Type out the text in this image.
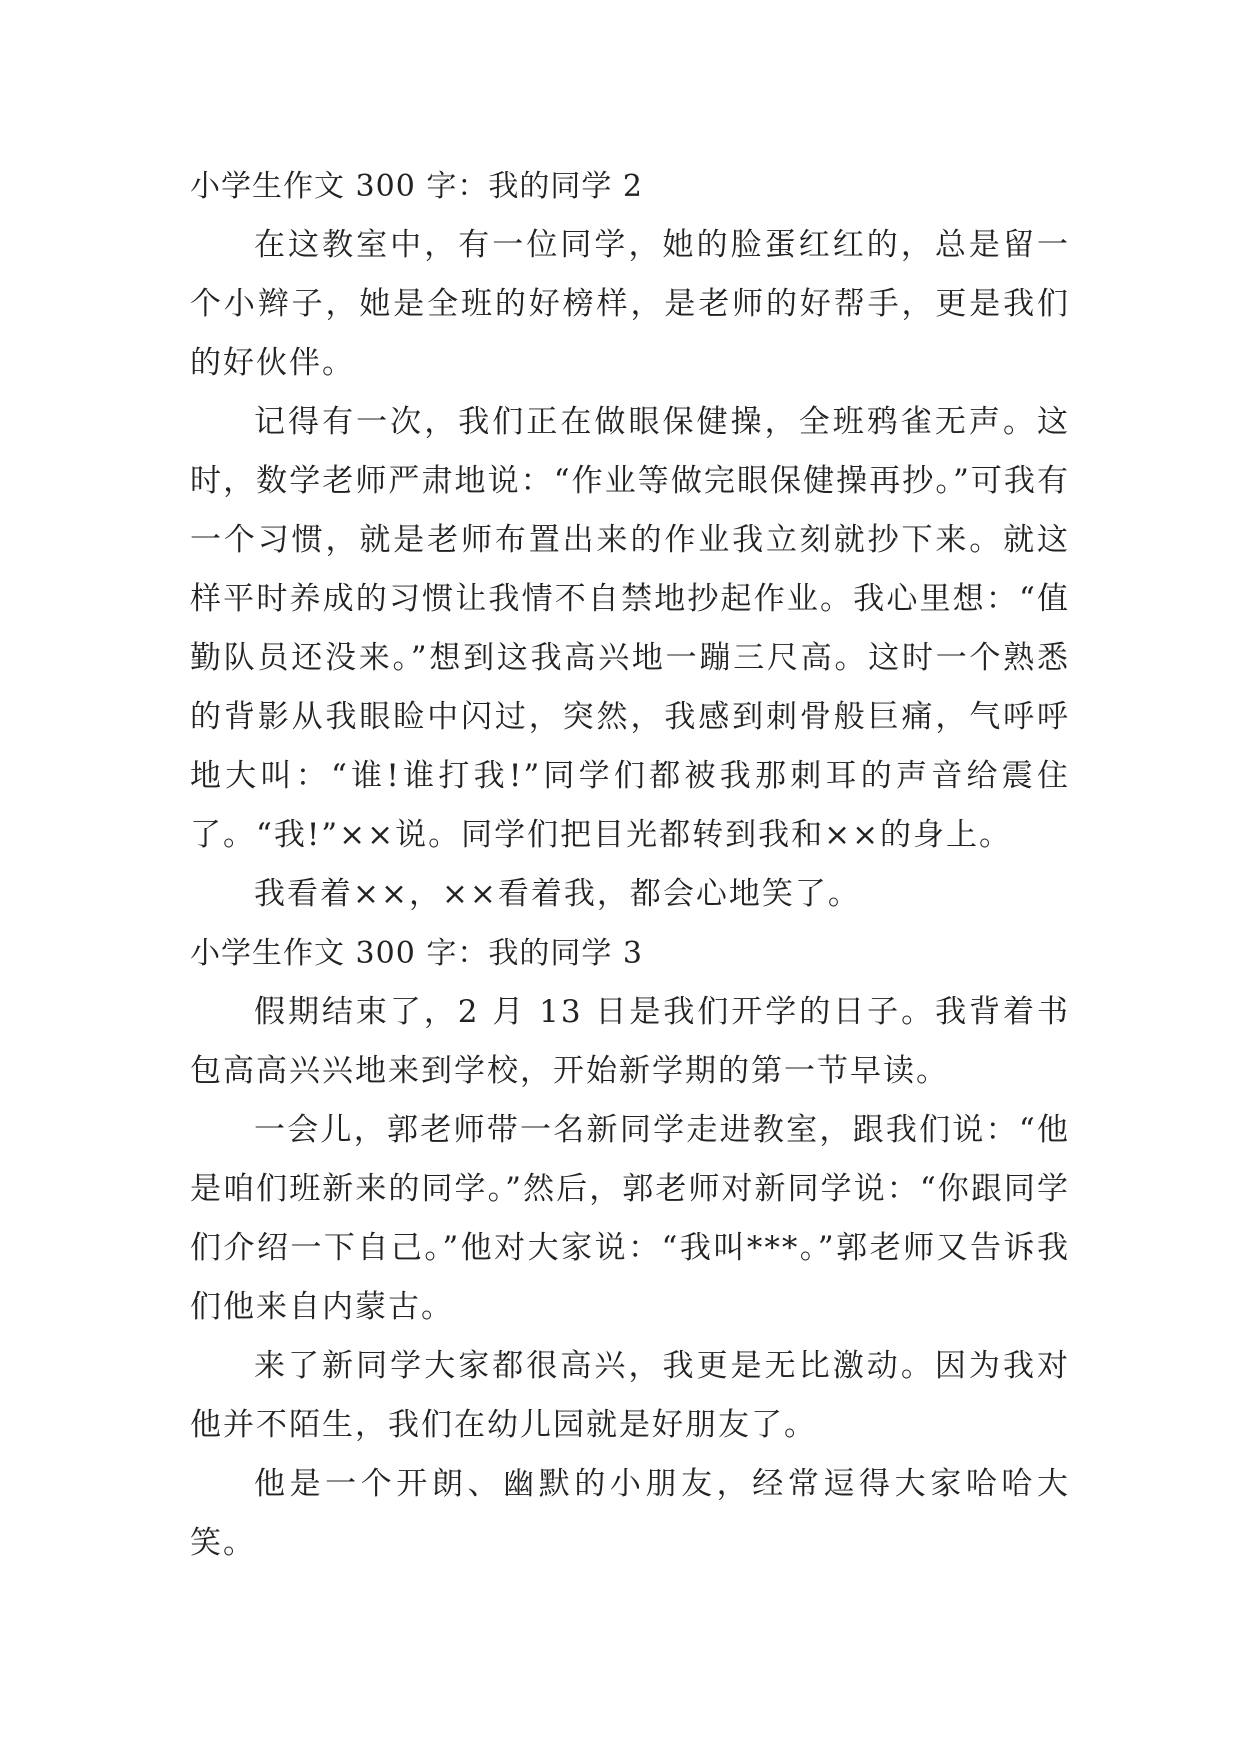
小学生作文 300 字：我的同学 2

在这教室中，有一位同学，她的脸蛋红红的，总是留一个小辫子，她是全班的好榜样，是老师的好帮手，更是我们的好伙伴。

记得有一次，我们正在做眼保健操，全班鸦雀无声。这时，数学老师严肃地说：“作业等做完眼保健操再抄。”可我有一个习惯，就是老师布置出来的作业我立刻就抄下来。就这样平时养成的习惯让我情不自禁地抄起作业。我心里想：“值勤队员还没来。”想到这我高兴地一蹦三尺高。这时一个熟悉的背影从我眼睑中闪过，突然，我感到刺骨般巨痛，气呼呼地大叫：“谁!谁打我!”同学们都被我那刺耳的声音给震住了。“我!”××说。同学们把目光都转到我和××的身上。

我看着××，××看着我，都会心地笑了。

小学生作文 300 字：我的同学 3

假期结束了，2 月 13 日是我们开学的日子。我背着书包高高兴兴地来到学校，开始新学期的第一节早读。

一会儿，郭老师带一名新同学走进教室，跟我们说：“他是咱们班新来的同学。”然后，郭老师对新同学说：“你跟同学们介绍一下自己。”他对大家说：“我叫***。”郭老师又告诉我们他来自内蒙古。

来了新同学大家都很高兴，我更是无比激动。因为我对他并不陌生，我们在幼儿园就是好朋友了。

他是一个开朗、幽默的小朋友，经常逗得大家哈哈大笑。
